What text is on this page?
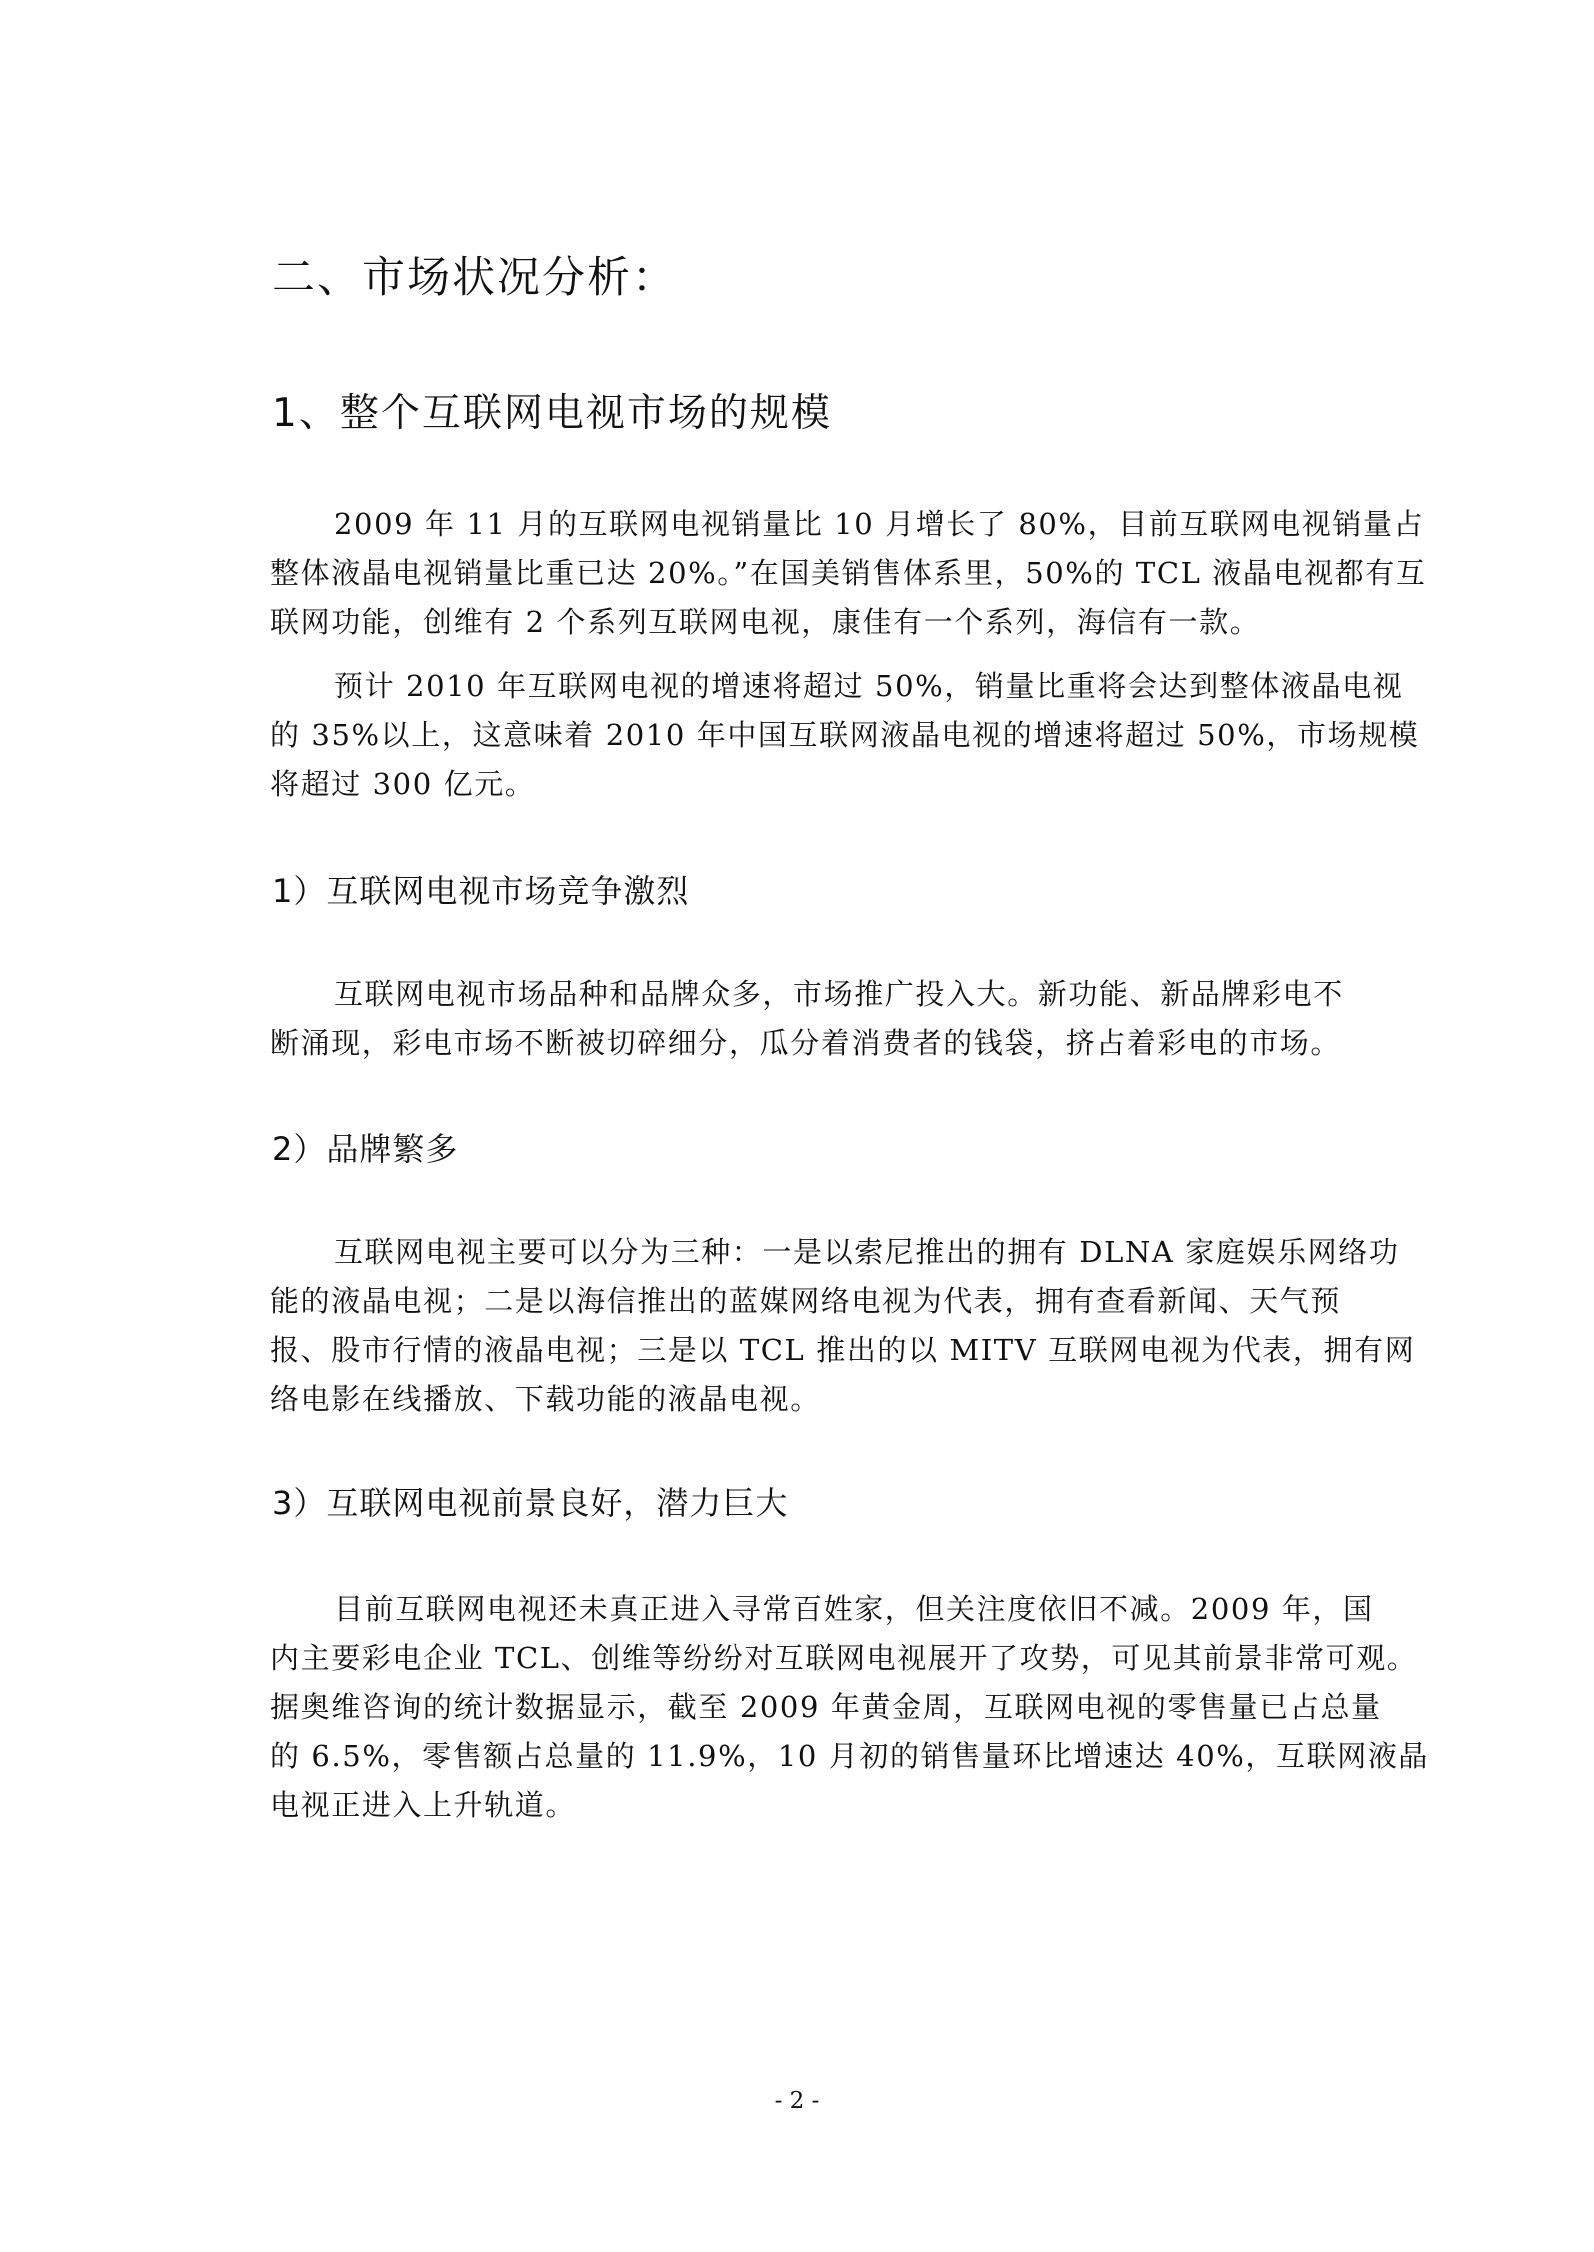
二、市场状况分析：
1、整个互联网电视市场的规模
2009 年 11 月的互联网电视销量比 10 月增长了 80%，目前互联网电视销量占
整体液晶电视销量比重已达 20%。”在国美销售体系里，50%的 TCL 液晶电视都有互
联网功能，创维有 2 个系列互联网电视，康佳有一个系列，海信有一款。
预计 2010 年互联网电视的增速将超过 50%，销量比重将会达到整体液晶电视
的 35%以上，这意味着 2010 年中国互联网液晶电视的增速将超过 50%，市场规模
将超过 300 亿元。
1）互联网电视市场竞争激烈
互联网电视市场品种和品牌众多，市场推广投入大。新功能、新品牌彩电不
断涌现，彩电市场不断被切碎细分，瓜分着消费者的钱袋，挤占着彩电的市场。
2）品牌繁多
互联网电视主要可以分为三种：一是以索尼推出的拥有 DLNA 家庭娱乐网络功
能的液晶电视；二是以海信推出的蓝媒网络电视为代表，拥有查看新闻、天气预
报、股市行情的液晶电视；三是以 TCL 推出的以 MITV 互联网电视为代表，拥有网
络电影在线播放、下载功能的液晶电视。
3）互联网电视前景良好，潜力巨大
目前互联网电视还未真正进入寻常百姓家，但关注度依旧不减。2009 年，国
内主要彩电企业 TCL、创维等纷纷对互联网电视展开了攻势，可见其前景非常可观。
据奥维咨询的统计数据显示，截至 2009 年黄金周，互联网电视的零售量已占总量
的 6.5%，零售额占总量的 11.9%，10 月初的销售量环比增速达 40%，互联网液晶
电视正进入上升轨道。
- 2 -
